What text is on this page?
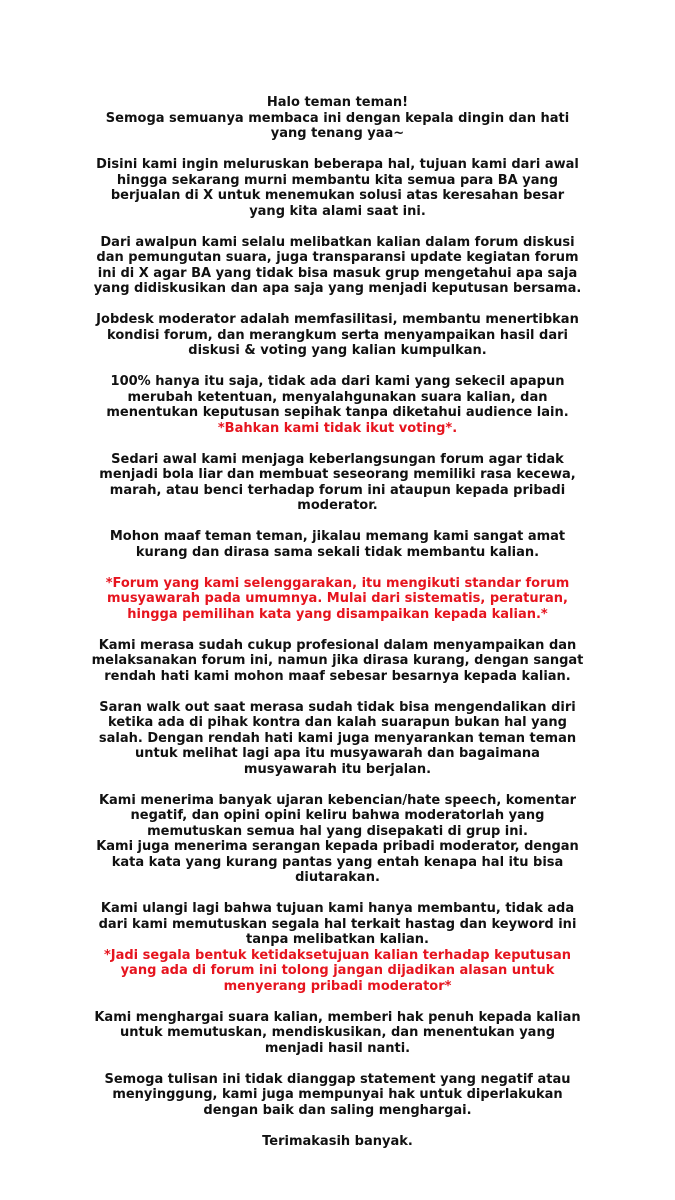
Halo teman teman!
Semoga semuanya membaca ini dengan kepala dingin dan hati
yang tenang yaa~

Disini kami ingin meluruskan beberapa hal, tujuan kami dari awal
hingga sekarang murni membantu kita semua para BA yang
berjualan di X untuk menemukan solusi atas keresahan besar
yang kita alami saat ini.

Dari awalpun kami selalu melibatkan kalian dalam forum diskusi
dan pemungutan suara, juga transparansi update kegiatan forum
ini di X agar BA yang tidak bisa masuk grup mengetahui apa saja
yang didiskusikan dan apa saja yang menjadi keputusan bersama.

Jobdesk moderator adalah memfasilitasi, membantu menertibkan
kondisi forum, dan merangkum serta menyampaikan hasil dari
diskusi & voting yang kalian kumpulkan.

100% hanya itu saja, tidak ada dari kami yang sekecil apapun
merubah ketentuan, menyalahgunakan suara kalian, dan
menentukan keputusan sepihak tanpa diketahui audience lain.

*Bahkan kami tidak ikut voting*.

Sedari awal kami menjaga keberlangsungan forum agar tidak
menjadi bola liar dan membuat seseorang memiliki rasa kecewa,
marah, atau benci terhadap forum ini ataupun kepada pribadi
moderator.

Mohon maaf teman teman, jikalau memang kami sangat amat
kurang dan dirasa sama sekali tidak membantu kalian.

*Forum yang kami selenggarakan, itu mengikuti standar forum
musyawarah pada umumnya. Mulai dari sistematis, peraturan,
hingga pemilihan kata yang disampaikan kepada kalian.*

Kami merasa sudah cukup profesional dalam menyampaikan dan
melaksanakan forum ini, namun jika dirasa kurang, dengan sangat
rendah hati kami mohon maaf sebesar besarnya kepada kalian.

Saran walk out saat merasa sudah tidak bisa mengendalikan diri
ketika ada di pihak kontra dan kalah suarapun bukan hal yang
salah. Dengan rendah hati kami juga menyarankan teman teman
untuk melihat lagi apa itu musyawarah dan bagaimana
musyawarah itu berjalan.

Kami menerima banyak ujaran kebencian/hate speech, komentar
negatif, dan opini opini keliru bahwa moderatorlah yang
memutuskan semua hal yang disepakati di grup ini.
Kami juga menerima serangan kepada pribadi moderator, dengan
kata kata yang kurang pantas yang entah kenapa hal itu bisa
diutarakan.

Kami ulangi lagi bahwa tujuan kami hanya membantu, tidak ada
dari kami memutuskan segala hal terkait hastag dan keyword ini
tanpa melibatkan kalian.

*Jadi segala bentuk ketidaksetujuan kalian terhadap keputusan
yang ada di forum ini tolong jangan dijadikan alasan untuk
menyerang pribadi moderator*

Kami menghargai suara kalian, memberi hak penuh kepada kalian
untuk memutuskan, mendiskusikan, dan menentukan yang
menjadi hasil nanti.

Semoga tulisan ini tidak dianggap statement yang negatif atau
menyinggung, kami juga mempunyai hak untuk diperlakukan
dengan baik dan saling menghargai.

Terimakasih banyak.
